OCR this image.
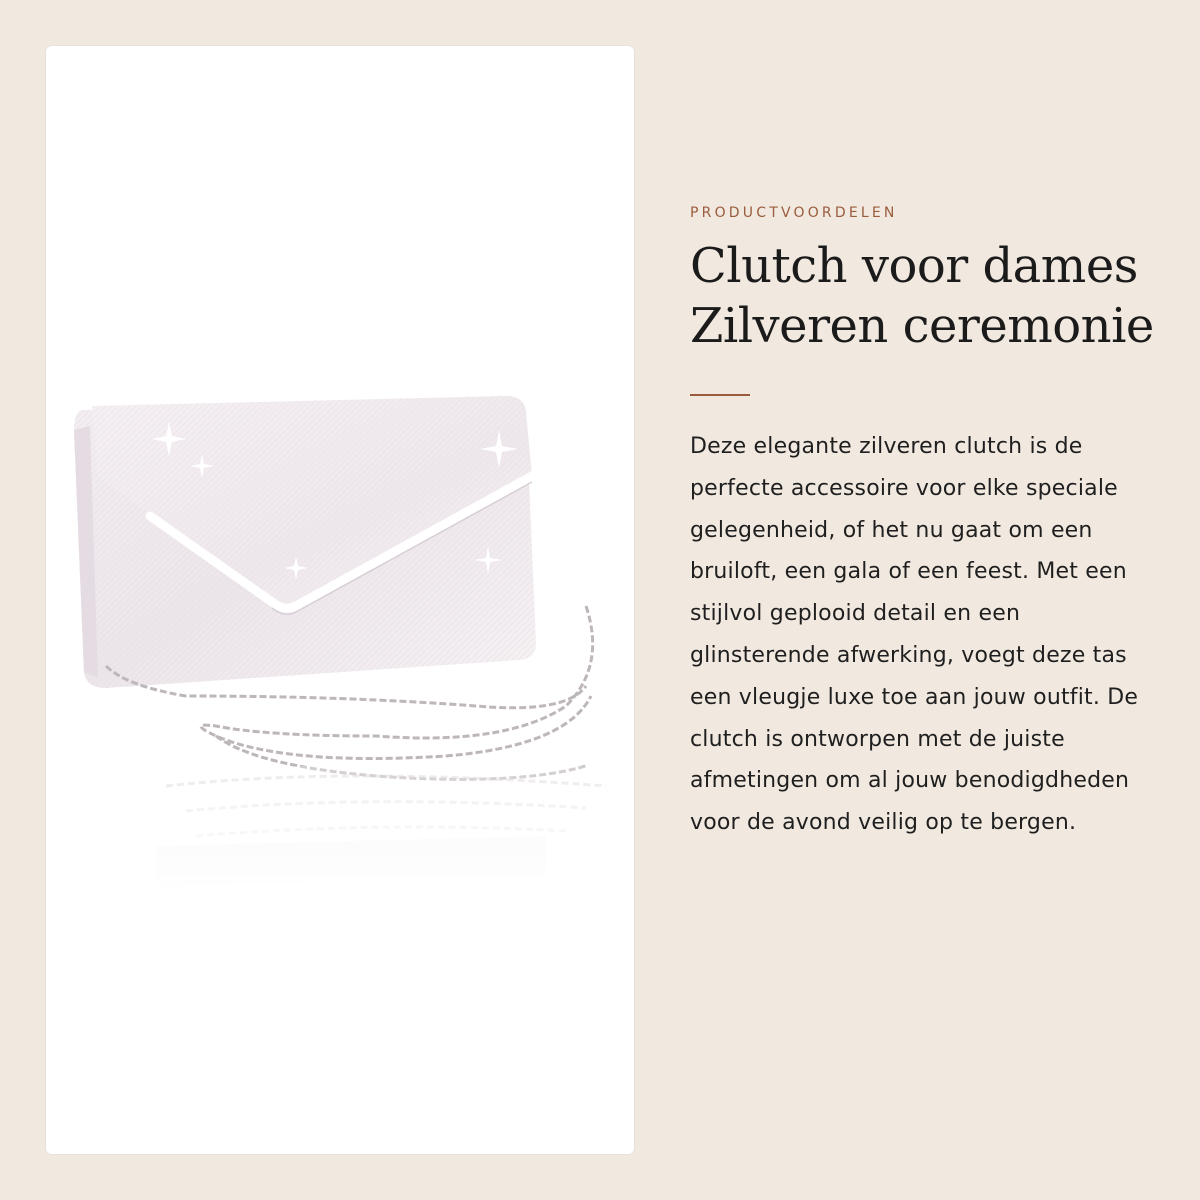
PRODUCTVOORDELEN

Clutch voor dames Zilveren ceremonie

Deze elegante zilveren clutch is de perfecte accessoire voor elke speciale gelegenheid, of het nu gaat om een bruiloft, een gala of een feest. Met een stijlvol geplooid detail en een glinsterende afwerking, voegt deze tas een vleugje luxe toe aan jouw outfit. De clutch is ontworpen met de juiste afmetingen om al jouw benodigdheden voor de avond veilig op te bergen.
